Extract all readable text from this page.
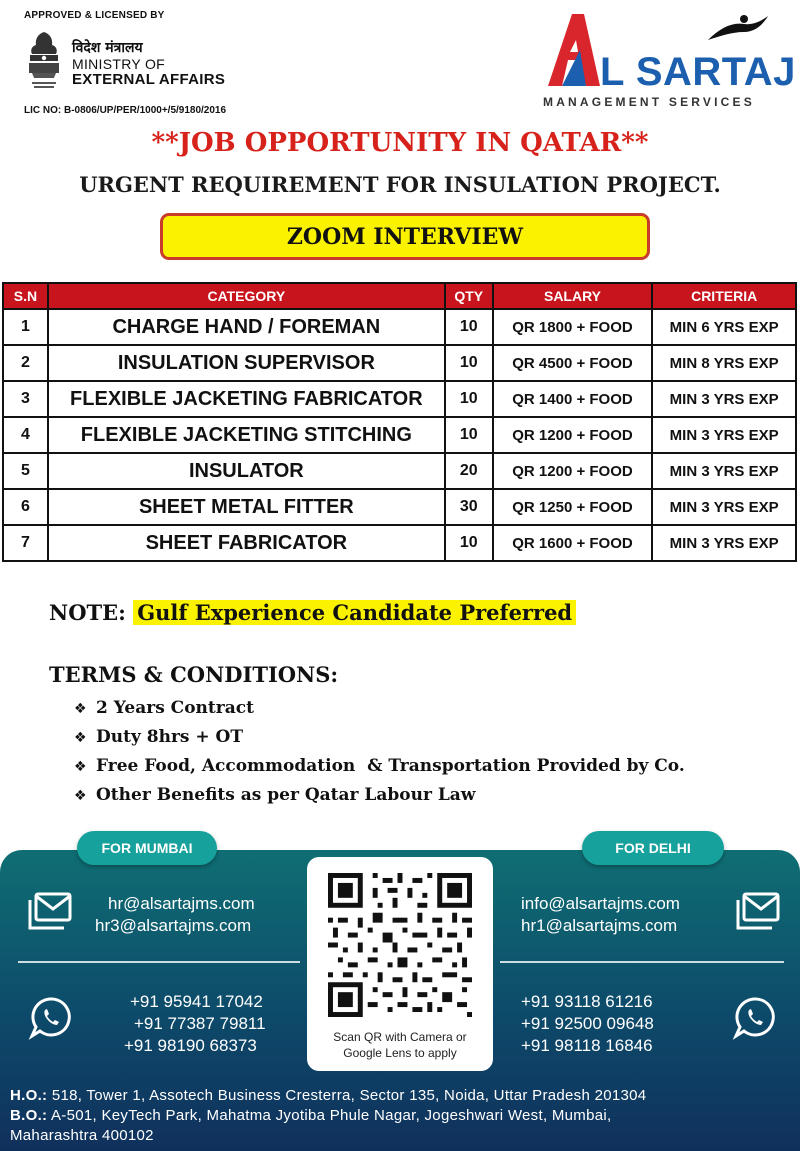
APPROVED & LICENSED BY
विदेश मंत्रालय
MINISTRY OF
EXTERNAL AFFAIRS
LIC NO: B-0806/UP/PER/1000+/5/9180/2016
L SARTAJ
MANAGEMENT SERVICES
**JOB OPPORTUNITY IN QATAR**
URGENT REQUIREMENT FOR INSULATION PROJECT.
ZOOM INTERVIEW
S.N	CATEGORY	QTY	SALARY	CRITERIA
1	CHARGE HAND / FOREMAN	10	QR 1800 + FOOD	MIN 6 YRS EXP
2	INSULATION SUPERVISOR	10	QR 4500 + FOOD	MIN 8 YRS EXP
3	FLEXIBLE JACKETING FABRICATOR	10	QR 1400 + FOOD	MIN 3 YRS EXP
4	FLEXIBLE JACKETING STITCHING	10	QR 1200 + FOOD	MIN 3 YRS EXP
5	INSULATOR	20	QR 1200 + FOOD	MIN 3 YRS EXP
6	SHEET METAL FITTER	30	QR 1250 + FOOD	MIN 3 YRS EXP
7	SHEET FABRICATOR	10	QR 1600 + FOOD	MIN 3 YRS EXP
NOTE: Gulf Experience Candidate Preferred
TERMS & CONDITIONS:
❖ 2 Years Contract
❖ Duty 8hrs + OT
❖ Free Food, Accommodation  & Transportation Provided by Co.
❖ Other Benefits as per Qatar Labour Law
FOR MUMBAI	FOR DELHI
hr@alsartajms.com
hr3@alsartajms.com
+91 95941 17042
+91 77387 79811
+91 98190 68373	Scan QR with Camera or
Google Lens to apply
info@alsartajms.com
hr1@alsartajms.com
+91 93118 61216
+91 92500 09648
+91 98118 16846
H.O.: 518, Tower 1, Assotech Business Cresterra, Sector 135, Noida, Uttar Pradesh 201304
B.O.: A-501, KeyTech Park, Mahatma Jyotiba Phule Nagar, Jogeshwari West, Mumbai,
Maharashtra 400102
